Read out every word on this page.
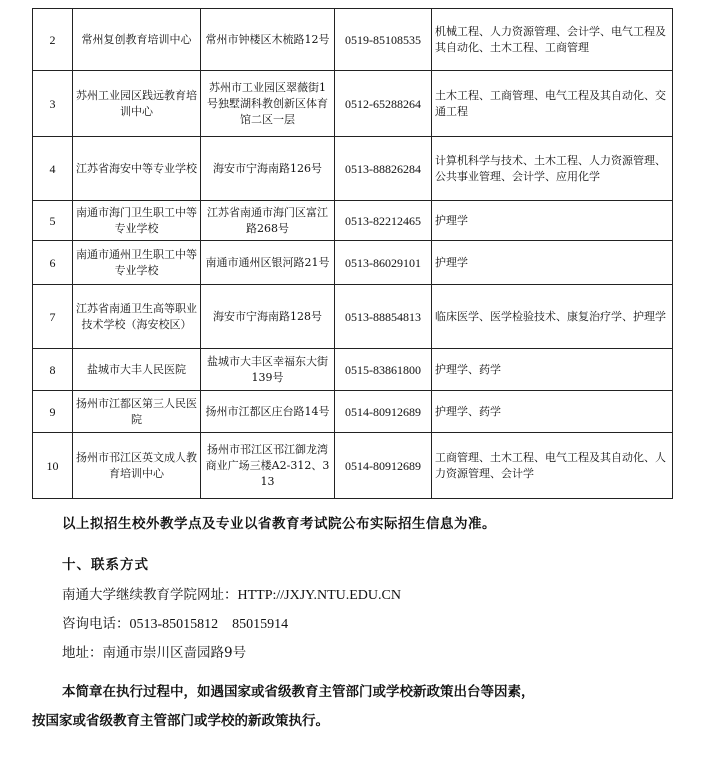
2	常州复创教育培训中心	常州市钟楼区木梳路12号	0519-85108535	机械工程、人力资源管理、会计学、电气工程及其自动化、土木工程、工商管理
3	苏州工业园区践远教育培训中心	苏州市工业园区翠薇街1号独墅湖科教创新区体育馆二区一层	0512-65288264	土木工程、工商管理、电气工程及其自动化、交通工程
4	江苏省海安中等专业学校	海安市宁海南路126号	0513-88826284	计算机科学与技术、土木工程、人力资源管理、公共事业管理、会计学、应用化学
5	南通市海门卫生职工中等专业学校	江苏省南通市海门区富江路268号	0513-82212465	护理学
6	南通市通州卫生职工中等专业学校	南通市通州区银河路21号	0513-86029101	护理学
7	江苏省南通卫生高等职业技术学校（海安校区）	海安市宁海南路128号	0513-88854813	临床医学、医学检验技术、康复治疗学、护理学
8	盐城市大丰人民医院	盐城市大丰区幸福东大街139号	0515-83861800	护理学、药学
9	扬州市江都区第三人民医院	扬州市江都区庄台路14号	0514-80912689	护理学、药学
10	扬州市邗江区英文成人教育培训中心	扬州市邗江区邗江御龙湾商业广场三楼A2-312、313	0514-80912689	工商管理、土木工程、电气工程及其自动化、人力资源管理、会计学
以上拟招生校外教学点及专业以省教育考试院公布实际招生信息为准。
十、联系方式
南通大学继续教育学院网址：HTTP://JXJY.NTU.EDU.CN
咨询电话：0513-85015812　85015914
地址：南通市崇川区啬园路9号
本简章在执行过程中，如遇国家或省级教育主管部门或学校新政策出台等因素，
按国家或省级教育主管部门或学校的新政策执行。
